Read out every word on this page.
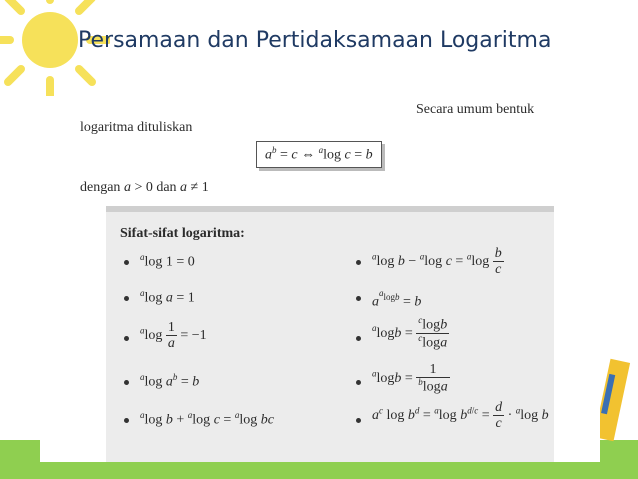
Persamaan dan Pertidaksamaan Logaritma
Secara umum bentuk
logaritma dituliskan
$a^b = c$ ⇔ $^a$log c = b
dengan a > 0 dan a ≠ 1
Sifat-sifat logaritma:
$^a$log 1 = 0
$^a$log a = 1
$^a\log \frac{1}{a} = -1$
$^a$log $a^b = b$
$^a$log b + $^a$log c = $^a$log bc
$^a$log b − $^a$log $c = ^a\log \frac{b}{c}$
$a^{^alogb} = b$
$^a\log b = \frac{^c\log b}{^c\log a}$
$^a\log b = \frac{1}{^b\log a}$
$a^c$ $\log b^d = ^a\log$ $b^{d/c} = \frac{d}{c} \cdot ^a\log$ b
